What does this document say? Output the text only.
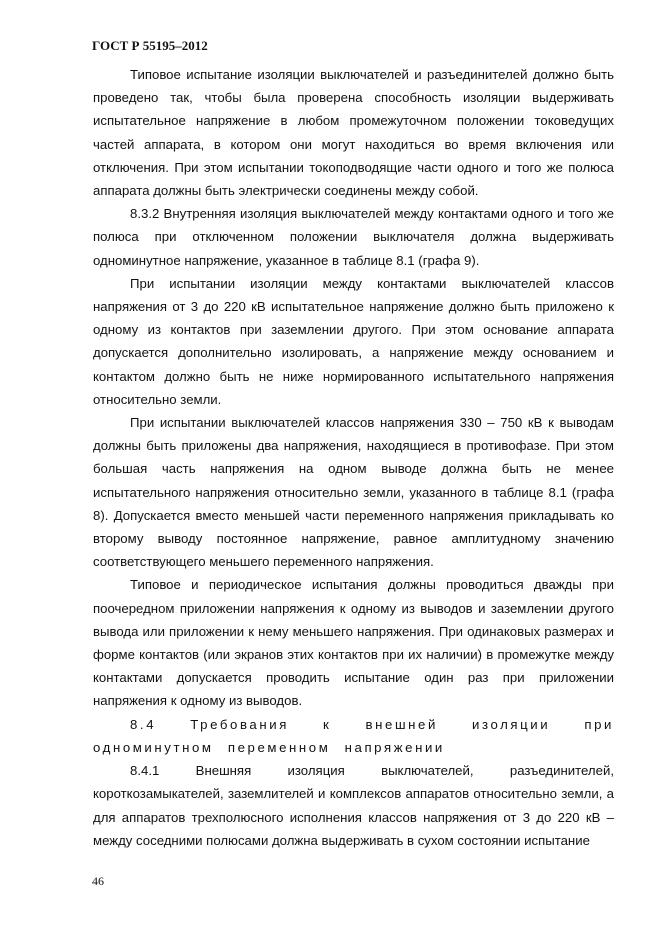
ГОСТ Р 55195–2012

Типовое испытание изоляции выключателей и разъединителей должно быть проведено так, чтобы была проверена способность изоляции выдерживать испытательное напряжение в любом промежуточном положении токоведущих частей аппарата, в котором они могут находиться во время включения или отключения. При этом испытании токоподводящие части одного и того же полюса аппарата должны быть электрически соединены между собой.

8.3.2 Внутренняя изоляция выключателей между контактами одного и того же полюса при отключенном положении выключателя должна выдерживать одноминутное напряжение, указанное в таблице 8.1 (графа 9).

При испытании изоляции между контактами выключателей классов напряжения от 3 до 220 кВ испытательное напряжение должно быть приложено к одному из контактов при заземлении другого. При этом основание аппарата допускается дополнительно изолировать, а напряжение между основанием и контактом должно быть не ниже нормированного испытательного напряжения относительно земли.

При испытании выключателей классов напряжения 330 – 750 кВ к выводам должны быть приложены два напряжения, находящиеся в противофазе. При этом большая часть напряжения на одном выводе должна быть не менее испытательного напряжения относительно земли, указанного в таблице 8.1 (графа 8). Допускается вместо меньшей части переменного напряжения прикладывать ко второму выводу постоянное напряжение, равное амплитудному значению соответствующего меньшего переменного напряжения.

Типовое и периодическое испытания должны проводиться дважды при поочередном приложении напряжения к одному из выводов и заземлении другого вывода или приложении к нему меньшего напряжения. При одинаковых размерах и форме контактов (или экранов этих контактов при их наличии) в промежутке между контактами допускается проводить испытание один раз при приложении напряжения к одному из выводов.

8.4 Требования к внешней изоляции при одноминутном переменном напряжении

8.4.1 Внешняя изоляция выключателей, разъединителей, короткозамыкателей, заземлителей и комплексов аппаратов относительно земли, а для аппаратов трехполюсного исполнения классов напряжения от 3 до 220 кВ – между соседними полюсами должна выдерживать в сухом состоянии испытание

46
